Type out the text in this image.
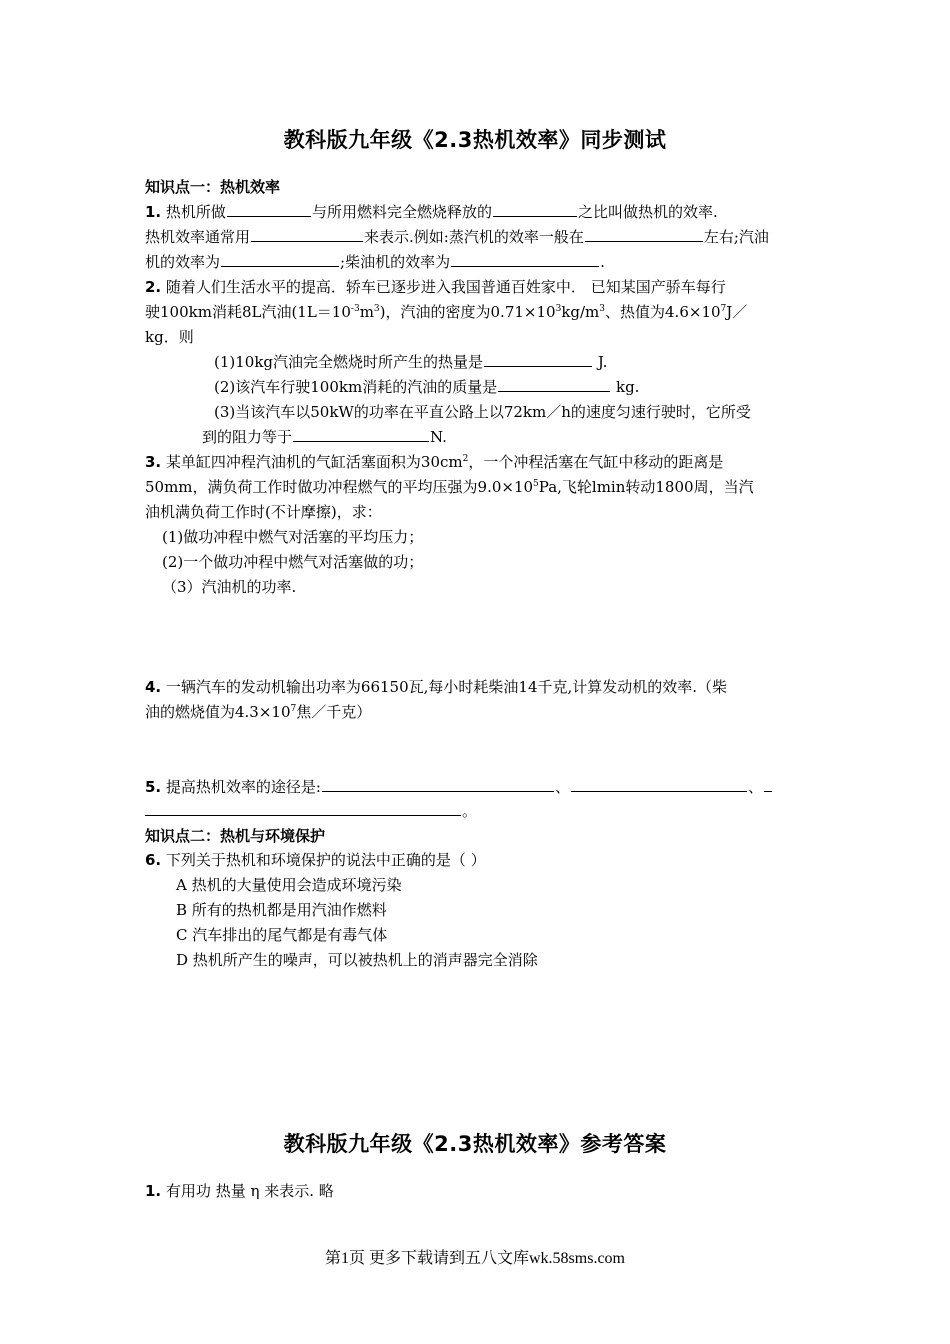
教科版九年级《2.3热机效率》同步测试
知识点一：热机效率
1. 热机所做	与所用燃料完全燃烧释放的	之比叫做热机的效率.
热机效率通常用	来表示.例如:蒸汽机的效率一般在	左右;汽油
机的效率为	;柴油机的效率为	.
2. 随着人们生活水平的提高．轿车已逐步进入我国普通百姓家中． 已知某国产骄车每行
驶100km消耗8L汽油$(1L=10^{-3}m^3)$，汽油的密度为$0.71\times 10^3kg/m^3$、热值为$4.6\times 10^7J/$
kg．则
(1)10kg汽油完全燃烧时所产生的热量是	J.
(2)该汽车行驶100km消耗的汽油的质量是	kg.
(3)当该汽车以50kW的功率在平直公路上以72km／h的速度匀速行驶时，它所受
到的阻力等于	N.
3. 某单缸四冲程汽油机的气缸活塞面积为$30cm^2$，一个冲程活塞在气缸中移动的距离是
50mm，满负荷工作时做功冲程燃气的平均压强为$9.0\times 10^5Pa$,飞轮lmin转动1800周，当汽
油机满负荷工作时(不计摩擦)，求：
(1)做功冲程中燃气对活塞的平均压力；
(2)一个做功冲程中燃气对活塞做的功；
（3）汽油机的功率.
4. 一辆汽车的发动机输出功率为66150瓦,每小时耗柴油14千克,计算发动机的效率.（柴
油的燃烧值为$4.3\times 10^7$焦／千克）
5. 提高热机效率的途径是:	、	、
。
知识点二：热机与环境保护
6. 下列关于热机和环境保护的说法中正确的是（ ）
A 热机的大量使用会造成环境污染
B 所有的热机都是用汽油作燃料
C 汽车排出的尾气都是有毒气体
D 热机所产生的噪声，可以被热机上的消声器完全消除
教科版九年级《2.3热机效率》参考答案
1. 有用功 热量 η 来表示. 略
第1页 更多下载请到五八文库wk.58sms.com
